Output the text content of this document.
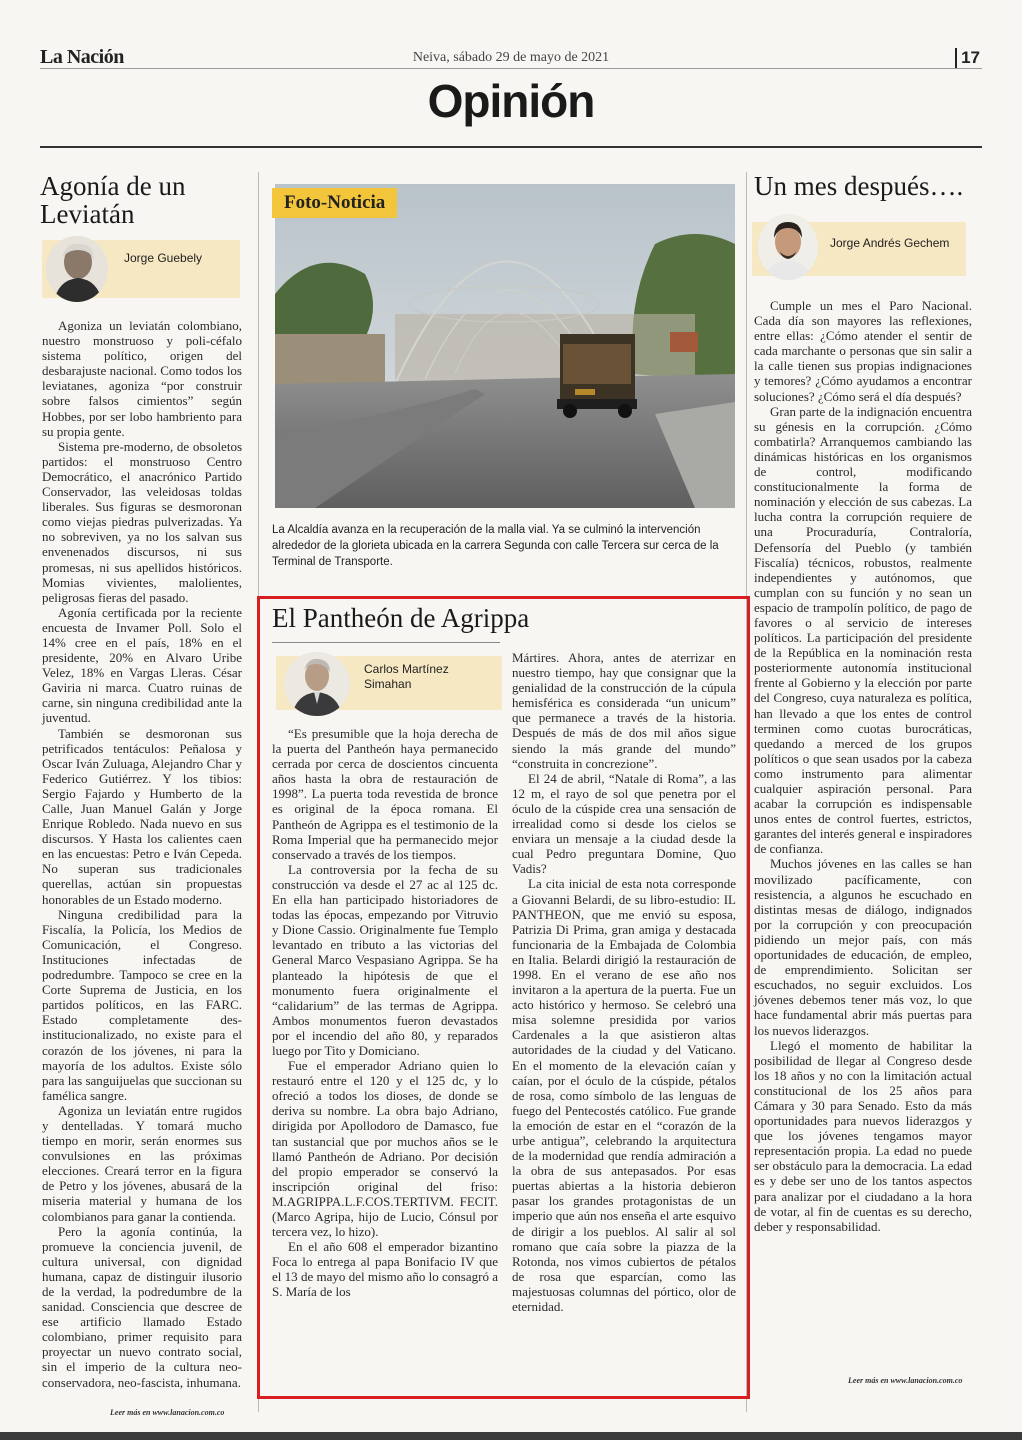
La Nación	Neiva, sábado 29 de mayo de 2021	17
Opinión
Agonía de un Leviatán
Jorge Guebely

Agoniza un leviatán colombiano, nuestro monstruoso y poli-céfalo sistema político, origen del desbarajuste nacional. Como todos los leviatanes, agoniza “por construir sobre falsos cimientos” según Hobbes, por ser lobo hambriento para su propia gente.

Sistema pre-moderno, de obsoletos partidos: el monstruoso Centro Democrático, el anacrónico Partido Conservador, las veleidosas toldas liberales. Sus figuras se desmoronan como viejas piedras pulverizadas. Ya no sobreviven, ya no los salvan sus envenenados discursos, ni sus promesas, ni sus apellidos históricos. Momias vivientes, malolientes, peligrosas fieras del pasado.

Agonía certificada por la reciente encuesta de Invamer Poll. Solo el 14% cree en el país, 18% en el presidente, 20% en Alvaro Uribe Velez, 18% en Vargas Lleras. César Gaviria ni marca. Cuatro ruinas de carne, sin ninguna credibilidad ante la juventud.

También se desmoronan sus petrificados tentáculos: Peñalosa y Oscar Iván Zuluaga, Alejandro Char y Federico Gutiérrez. Y los tibios: Sergio Fajardo y Humberto de la Calle, Juan Manuel Galán y Jorge Enrique Robledo. Nada nuevo en sus discursos. Y Hasta los calientes caen en las encuestas: Petro e Iván Cepeda. No superan sus tradicionales querellas, actúan sin propuestas honorables de un Estado moderno.

Ninguna credibilidad para la Fiscalía, la Policía, los Medios de Comunicación, el Congreso. Instituciones infectadas de podredumbre. Tampoco se cree en la Corte Suprema de Justicia, en los partidos políticos, en las FARC. Estado completamente des-institucionalizado, no existe para el corazón de los jóvenes, ni para la mayoría de los adultos. Existe sólo para las sanguijuelas que succionan su famélica sangre.

Agoniza un leviatán entre rugidos y dentelladas. Y tomará mucho tiempo en morir, serán enormes sus convulsiones en las próximas elecciones. Creará terror en la figura de Petro y los jóvenes, abusará de la miseria material y humana de los colombianos para ganar la contienda.

Pero la agonía continúa, la promueve la conciencia juvenil, de cultura universal, con dignidad humana, capaz de distinguir ilusorio de la verdad, la podredumbre de la sanidad. Consciencia que descree de ese artificio llamado Estado colombiano, primer requisito para proyectar un nuevo contrato social, sin el imperio de la cultura neo-conservadora, neo-fascista, inhumana.

Leer más en www.lanacion.com.co
Foto-Noticia
La Alcaldía avanza en la recuperación de la malla vial. Ya se culminó la intervención alrededor de la glorieta ubicada en la carrera Segunda con calle Tercera sur cerca de la Terminal de Transporte.
El Pantheón de Agrippa
Carlos Martínez Simahan

“Es presumible que la hoja derecha de la puerta del Pantheón haya permanecido cerrada por cerca de doscientos cincuenta años hasta la obra de restauración de 1998”. La puerta toda revestida de bronce es original de la época romana. El Pantheón de Agrippa es el testimonio de la Roma Imperial que ha permanecido mejor conservado a través de los tiempos.

La controversia por la fecha de su construcción va desde el 27 ac al 125 dc. En ella han participado historiadores de todas las épocas, empezando por Vitruvio y Dione Cassio. Originalmente fue Templo levantado en tributo a las victorias del General Marco Vespasiano Agrippa. Se ha planteado la hipótesis de que el monumento fuera originalmente el “calidarium” de las termas de Agrippa. Ambos monumentos fueron devastados por el incendio del año 80, y reparados luego por Tito y Domiciano.

Fue el emperador Adriano quien lo restauró entre el 120 y el 125 dc, y lo ofreció a todos los dioses, de donde se deriva su nombre. La obra bajo Adriano, dirigida por Apollodoro de Damasco, fue tan sustancial que por muchos años se le llamó Pantheón de Adriano. Por decisión del propio emperador se conservó la inscripción original del friso: M.AGRIPPA.L.F.COS.TERTIVM. FECIT. (Marco Agripa, hijo de Lucio, Cónsul por tercera vez, lo hizo).

En el año 608 el emperador bizantino Foca lo entrega al papa Bonifacio IV que el 13 de mayo del mismo año lo consagró a S. María de los

Mártires. Ahora, antes de aterrizar en nuestro tiempo, hay que consignar que la genialidad de la construcción de la cúpula hemisférica es considerada “un unicum” que permanece a través de la historia. Después de más de dos mil años sigue siendo la más grande del mundo” “construita in concrezione”.

El 24 de abril, “Natale di Roma”, a las 12 m, el rayo de sol que penetra por el óculo de la cúspide crea una sensación de irrealidad como si desde los cielos se enviara un mensaje a la ciudad desde la cual Pedro preguntara Domine, Quo Vadis?

La cita inicial de esta nota corresponde a Giovanni Belardi, de su libro-estudio: IL PANTHEON, que me envió su esposa, Patrizia Di Prima, gran amiga y destacada funcionaria de la Embajada de Colombia en Italia. Belardi dirigió la restauración de 1998. En el verano de ese año nos invitaron a la apertura de la puerta. Fue un acto histórico y hermoso. Se celebró una misa solemne presidida por varios Cardenales a la que asistieron altas autoridades de la ciudad y del Vaticano. En el momento de la elevación caían y caían, por el óculo de la cúspide, pétalos de rosa, como símbolo de las lenguas de fuego del Pentecostés católico. Fue grande la emoción de estar en el “corazón de la urbe antigua”, celebrando la arquitectura de la modernidad que rendía admiración a la obra de sus antepasados. Por esas puertas abiertas a la historia debieron pasar los grandes protagonistas de un imperio que aún nos enseña el arte esquivo de dirigir a los pueblos. Al salir al sol romano que caía sobre la piazza de la Rotonda, nos vimos cubiertos de pétalos de rosa que esparcían, como las majestuosas columnas del pórtico, olor de eternidad.

Un mes después….
Jorge Andrés Gechem

Cumple un mes el Paro Nacional. Cada día son mayores las reflexiones, entre ellas: ¿Cómo atender el sentir de cada marchante o personas que sin salir a la calle tienen sus propias indignaciones y temores? ¿Cómo ayudamos a encontrar soluciones? ¿Cómo será el día después?

Gran parte de la indignación encuentra su génesis en la corrupción. ¿Cómo combatirla? Arranquemos cambiando las dinámicas históricas en los organismos de control, modificando constitucionalmente la forma de nominación y elección de sus cabezas. La lucha contra la corrupción requiere de una Procuraduría, Contraloría, Defensoría del Pueblo (y también Fiscalía) técnicos, robustos, realmente independientes y autónomos, que cumplan con su función y no sean un espacio de trampolín político, de pago de favores o al servicio de intereses políticos. La participación del presidente de la República en la nominación resta posteriormente autonomía institucional frente al Gobierno y la elección por parte del Congreso, cuya naturaleza es política, han llevado a que los entes de control terminen como cuotas burocráticas, quedando a merced de los grupos políticos o que sean usados por la cabeza como instrumento para alimentar cualquier aspiración personal. Para acabar la corrupción es indispensable unos entes de control fuertes, estrictos, garantes del interés general e inspiradores de confianza.

Muchos jóvenes en las calles se han movilizado pacíficamente, con resistencia, a algunos he escuchado en distintas mesas de diálogo, indignados por la corrupción y con preocupación pidiendo un mejor país, con más oportunidades de educación, de empleo, de emprendimiento. Solicitan ser escuchados, no seguir excluidos. Los jóvenes debemos tener más voz, lo que hace fundamental abrir más puertas para los nuevos liderazgos.

Llegó el momento de habilitar la posibilidad de llegar al Congreso desde los 18 años y no con la limitación actual constitucional de los 25 años para Cámara y 30 para Senado. Esto da más oportunidades para nuevos liderazgos y que los jóvenes tengamos mayor representación propia. La edad no puede ser obstáculo para la democracia. La edad es y debe ser uno de los tantos aspectos para analizar por el ciudadano a la hora de votar, al fin de cuentas es su derecho, deber y responsabilidad.

Leer más en www.lanacion.com.co
